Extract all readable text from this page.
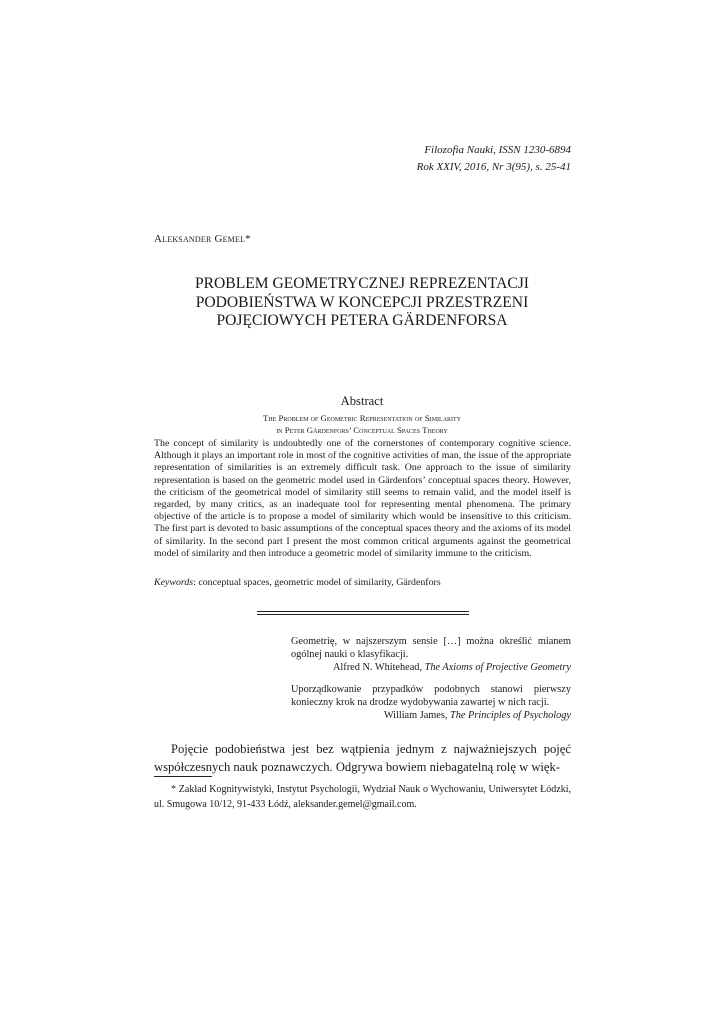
Filozofia Nauki, ISSN 1230-6894
Rok XXIV, 2016, Nr 3(95), s. 25-41
Aleksander Gemel*
PROBLEM GEOMETRYCZNEJ REPREZENTACJI
PODOBIEŃSTWA W KONCEPCJI PRZESTRZENI
POJĘCIOWYCH PETERA GÄRDENFORSA
Abstract
The Problem of Geometric Representation of Similarity
in Peter Gärdenfors’ Conceptual Spaces Theory
The concept of similarity is undoubtedly one of the cornerstones of contemporary cognitive science. Although it plays an important role in most of the cognitive activities of man, the issue of the appropriate representation of similarities is an extremely difficult task. One approach to the issue of similarity representation is based on the geometric model used in Gärdenfors’ conceptual spaces theory. However, the criticism of the geometrical model of similarity still seems to remain valid, and the model itself is regarded, by many critics, as an inadequate tool for representing mental phenomena. The primary objective of the article is to propose a model of similarity which would be insensitive to this criticism. The first part is devoted to basic assumptions of the conceptual spaces theory and the axioms of its model of similarity. In the second part I present the most common critical arguments against the geometrical model of similarity and then introduce a geometric model of similarity immune to the criticism.
Keywords: conceptual spaces, geometric model of similarity, Gärdenfors
Geometrię, w najszerszym sensie […] można określić mianem ogólnej nauki o klasyfikacji.
Alfred N. Whitehead, The Axioms of Projective Geometry
Uporządkowanie przypadków podobnych stanowi pierwszy konieczny krok na drodze wydobywania zawartej w nich racji.
William James, The Principles of Psychology
Pojęcie podobieństwa jest bez wątpienia jednym z najważniejszych pojęć współczesnych nauk poznawczych. Odgrywa bowiem niebagatelną rolę w więk-
* Zakład Kognitywistyki, Instytut Psychologii, Wydział Nauk o Wychowaniu, Uniwersytet Łódzki, ul. Smugowa 10/12, 91-433 Łódź, aleksander.gemel@gmail.com.
